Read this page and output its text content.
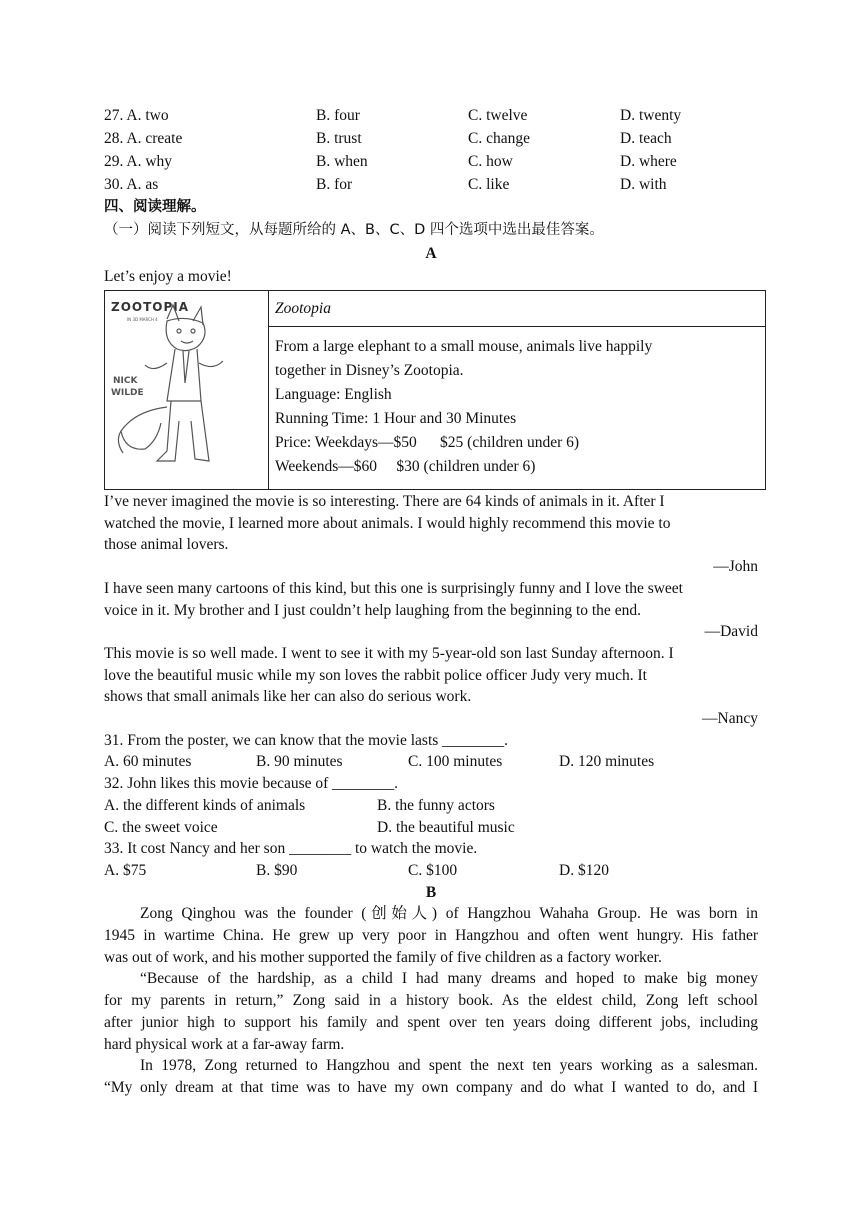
27. A. two	B. four	C. twelve	D. twenty
28. A. create	B. trust	C. change	D. teach
29. A. why	B. when	C. how	D. where
30. A. as	B. for	C. like	D. with
四、阅读理解。
（一）阅读下列短文，从每题所给的 A、B、C、D 四个选项中选出最佳答案。
A
Let’s enjoy a movie!
ZOOTOPIA
IN 3D MARCH 4
NICK
WILDE
Zootopia
From a large elephant to a small mouse, animals live happily
together in Disney’s Zootopia.
Language: English
Running Time: 1 Hour and 30 Minutes
Price: Weekdays—$50      $25 (children under 6)
Weekends—$60     $30 (children under 6)
I’ve never imagined the movie is so interesting. There are 64 kinds of animals in it. After I
watched the movie, I learned more about animals. I would highly recommend this movie to
those animal lovers.
—John
I have seen many cartoons of this kind, but this one is surprisingly funny and I love the sweet
voice in it. My brother and I just couldn’t help laughing from the beginning to the end.
—David
This movie is so well made. I went to see it with my 5-year-old son last Sunday afternoon. I
love the beautiful music while my son loves the rabbit police officer Judy very much. It
shows that small animals like her can also do serious work.
—Nancy
31. From the poster, we can know that the movie lasts ________.
A. 60 minutes	B. 90 minutes	C. 100 minutes	D. 120 minutes
32. John likes this movie because of ________.
A. the different kinds of animals	B. the funny actors
C. the sweet voice	D. the beautiful music
33. It cost Nancy and her son ________ to watch the movie.
A. $75	B. $90	C. $100	D. $120
B
Zong Qinghou was the founder (创始人) of Hangzhou Wahaha Group. He was born in
1945 in wartime China. He grew up very poor in Hangzhou and often went hungry. His father
was out of work, and his mother supported the family of five children as a factory worker.
“Because of the hardship, as a child I had many dreams and hoped to make big money
for my parents in return,” Zong said in a history book. As the eldest child, Zong left school
after junior high to support his family and spent over ten years doing different jobs, including
hard physical work at a far-away farm.
In 1978, Zong returned to Hangzhou and spent the next ten years working as a salesman.
“My only dream at that time was to have my own company and do what I wanted to do, and I
